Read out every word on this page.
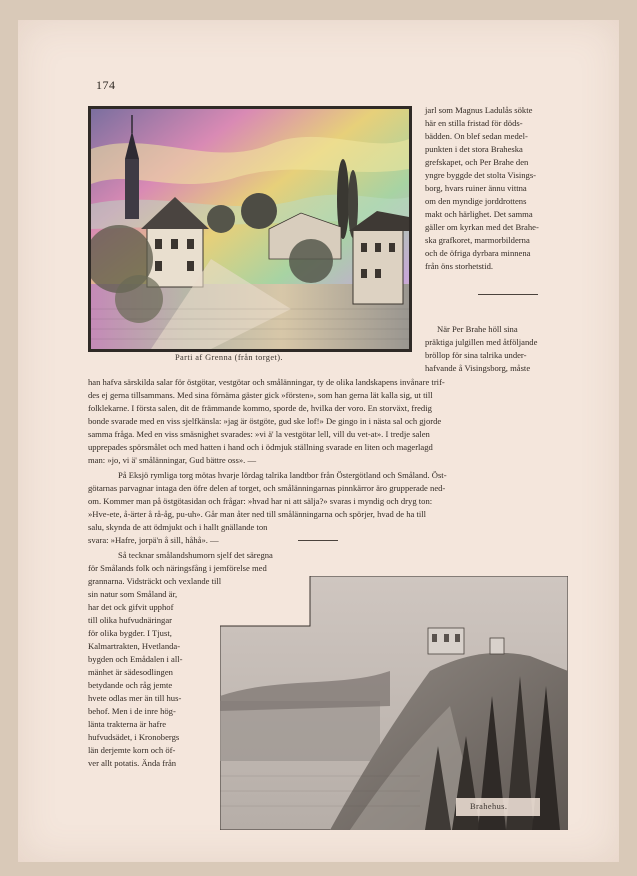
174
Parti af Grenna (från torget).
jarl som Magnus Ladulås sökte
här en stilla fristad för döds-
bädden. On blef sedan medel-
punkten i det stora Braheska
grefskapet, och Per Brahe den
yngre byggde det stolta Visings-
borg, hvars ruiner ännu vittna
om den myndige jorddrottens
makt och härlighet. Det samma
gäller om kyrkan med det Brahe-
ska grafkoret, marmorbilderna
och de öfriga dyrbara minnena
från öns storhetstid.
När Per Brahe höll sina
präktiga julgillen med åtföljande
bröllop för sina talrika under-
hafvande å Visingsborg, måste
han hafva särskilda salar för östgötar, vestgötar och smålänningar, ty de olika landskapens invånare trif-
des ej gerna tillsammans. Med sina förnäma gäster gick »försten», som han gerna lät kalla sig, ut till
folklekarne. I första salen, dit de främmande kommo, sporde de, hvilka der voro. En storväxt, fredig
bonde svarade med en viss sjelfkänsla: »jag är östgöte, gud ske lof!» De gingo in i nästa sal och gjorde
samma fråga. Med en viss smäsnighet svarades: »vi ä' la vestgötar lell, vill du vet-at». I tredje salen
upprepades spörsmålet och med hatten i hand och i ödmjuk ställning svarade en liten och magerlagd
man: »jo, vi ä' smålänningar, Gud bättre oss». —
På Eksjö rymliga torg mötas hvarje lördag talrika landtbor från Östergötland och Småland. Öst-
götarnas parvagnar intaga den öfre delen af torget, och smålänningarnas pinnkärror äro grupperade ned-
om. Kommer man på östgötasidan och frågar: »hvad har ni att sälja?» svaras i myndig och dryg ton:
»Hve-ete, å-ärter å rå-åg, pu-uh». Går man åter ned till smålänningarna och spörjer, hvad de ha till
salu, skynda de att ödmjukt och i hallt gnällande ton
svara: »Hafre, jorpä'n å sill, håhå». —
Så tecknar smålandshumorn sjelf det säregna
för Smålands folk och näringsfång i jemförelse med
grannarna. Vidsträckt och vexlande till
sin natur som Småland är,
har det ock gifvit upphof
till olika hufvudnäringar
för olika bygder. I Tjust,
Kalmartrakten, Hvetlanda-
bygden och Emådalen i all-
mänhet är sädesodlingen
betydande och råg jemte
hvete odlas mer än till hus-
behof. Men i de inre hög-
länta trakterna är hafre
hufvudsädet, i Kronobergs
län derjemte korn och öf-
ver allt potatis. Ända från
Brahehus.
